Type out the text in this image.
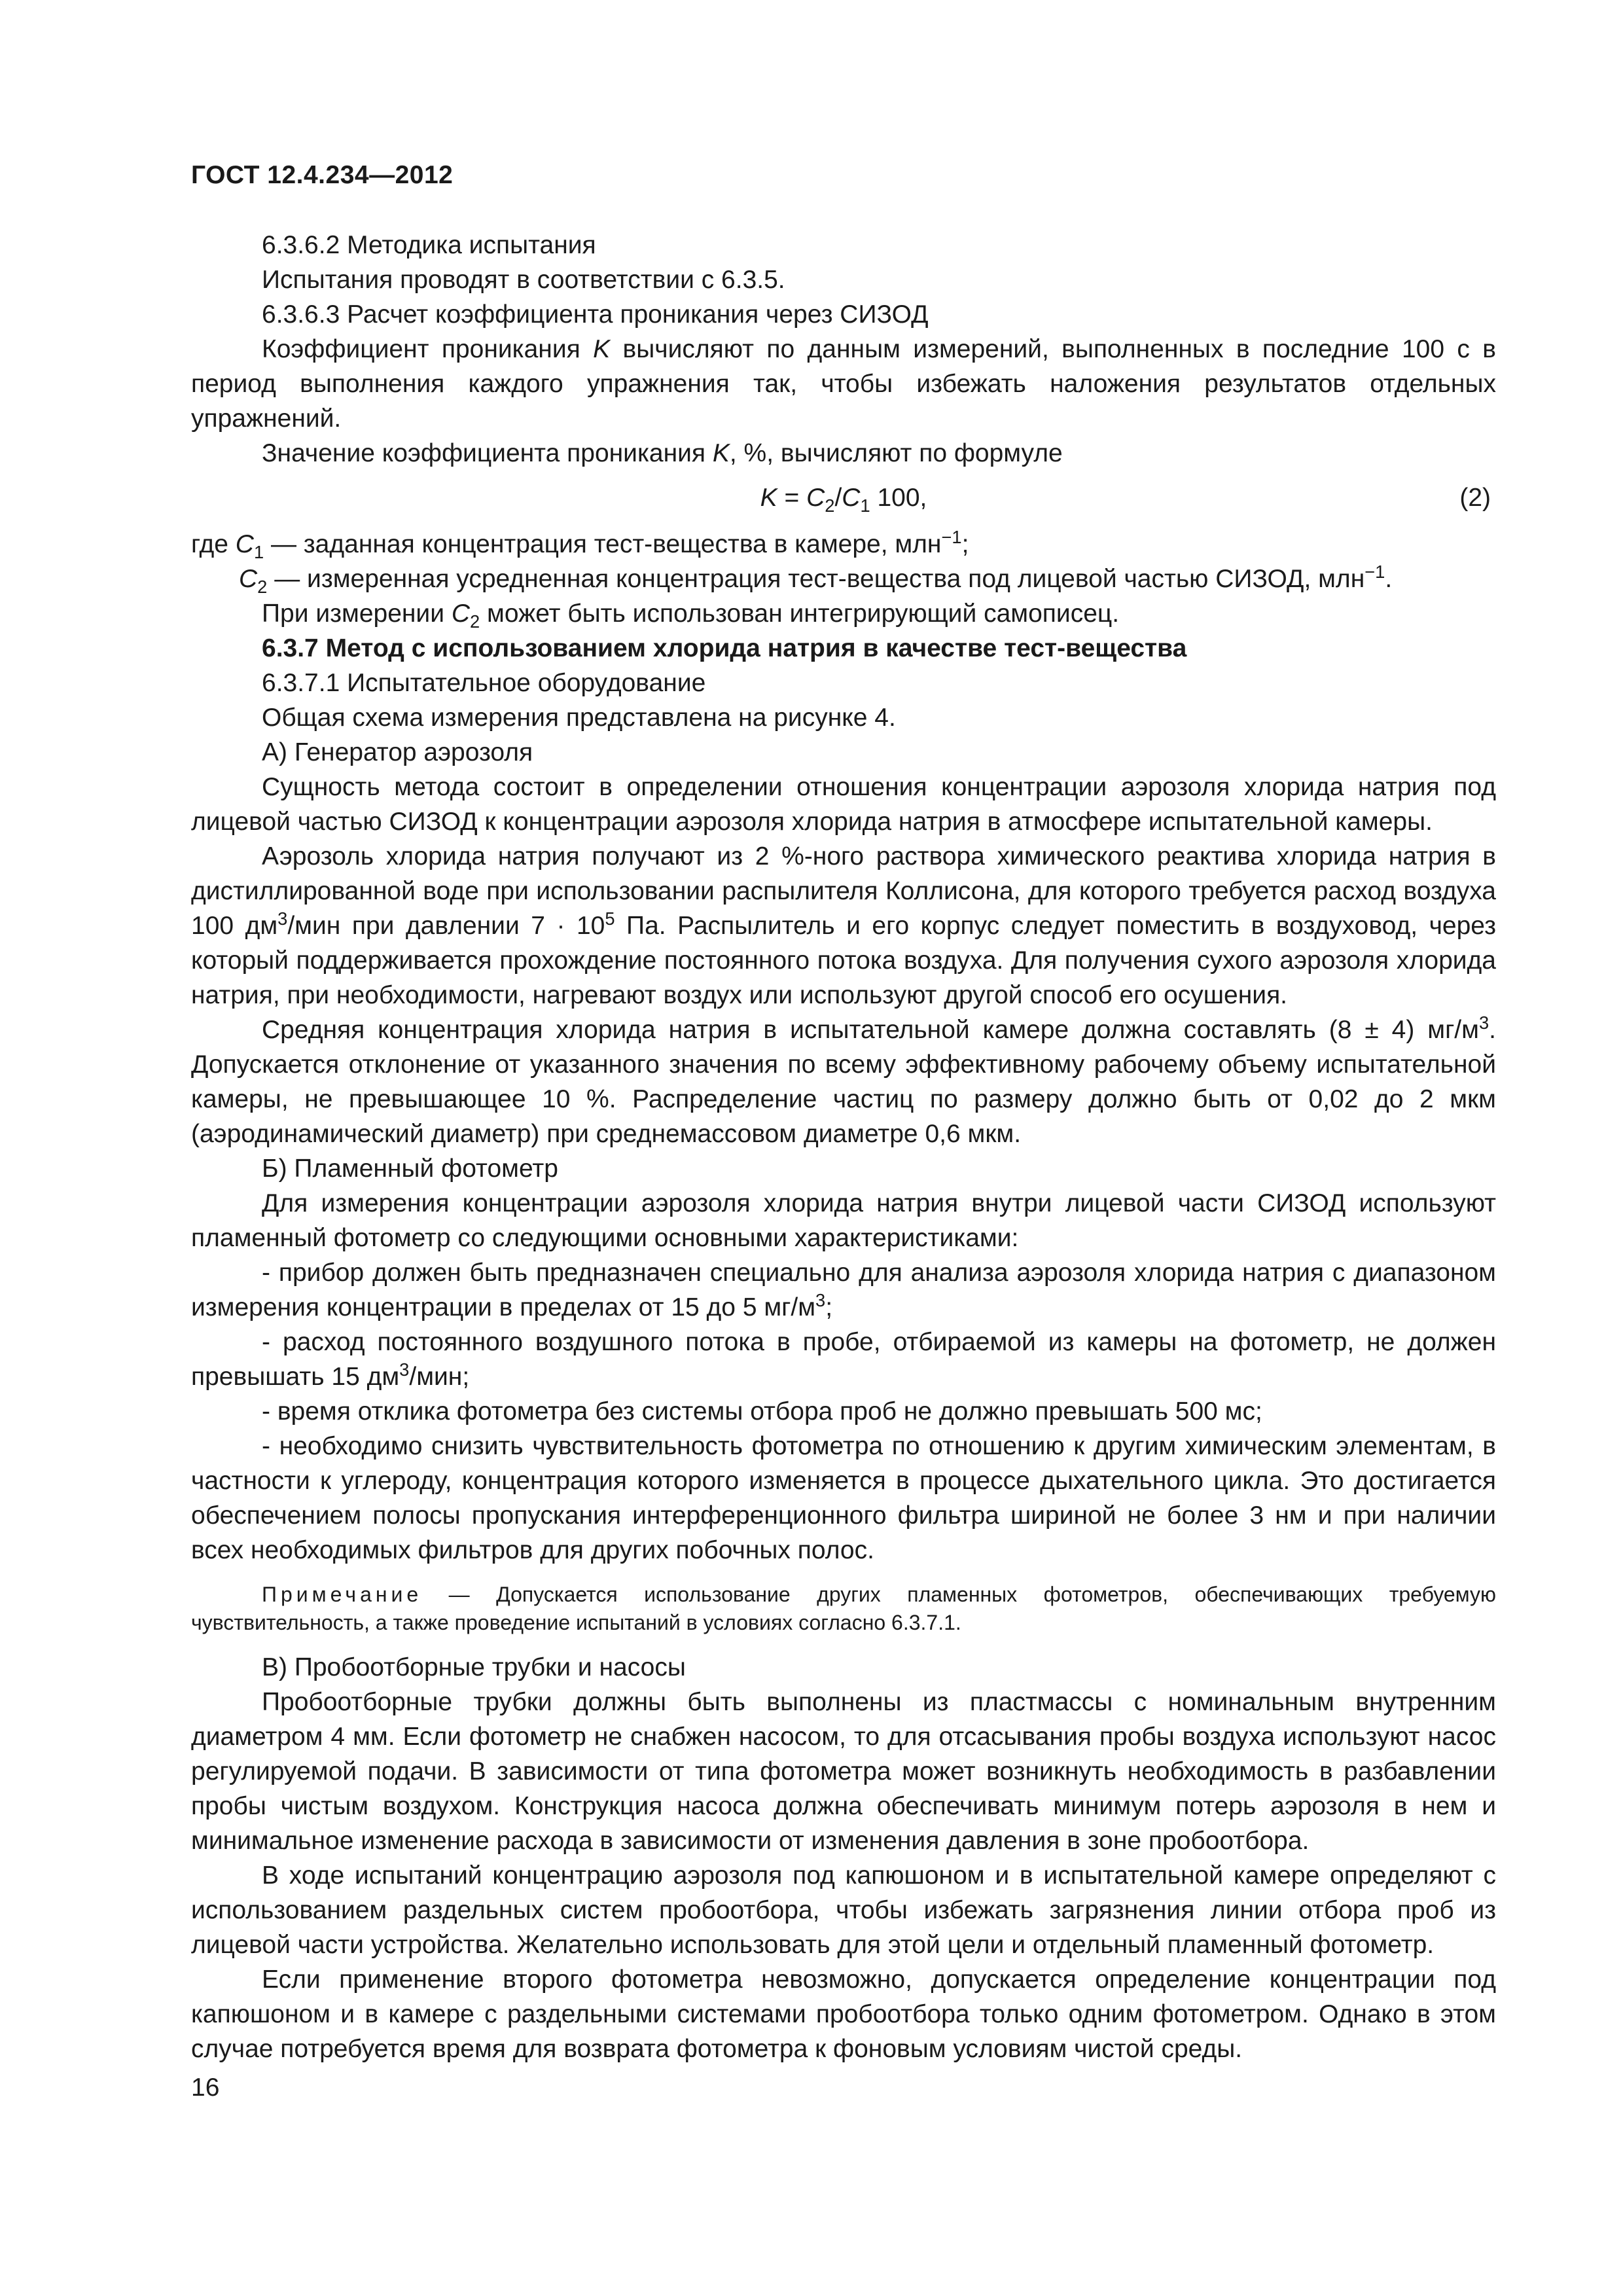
ГОСТ 12.4.234—2012

6.3.6.2 Методика испытания

Испытания проводят в соответствии с 6.3.5.

6.3.6.3 Расчет коэффициента проникания через СИЗОД

Коэффициент проникания K вычисляют по данным измерений, выполненных в последние 100 с в период выполнения каждого упражнения так, чтобы избежать наложения результатов отдельных упражнений.

Значение коэффициента проникания K, %, вычисляют по формуле

$K = C_2/C_1$ 100,	(2)

где $C_1$ — заданная концентрация тест-вещества в камере, млн$^{-1}$;

$C_2$ — измеренная усредненная концентрация тест-вещества под лицевой частью СИЗОД, млн$^{-1}$.

При измерении $C_2$ может быть использован интегрирующий самописец.

6.3.7 Метод с использованием хлорида натрия в качестве тест-вещества

6.3.7.1 Испытательное оборудование

Общая схема измерения представлена на рисунке 4.

А) Генератор аэрозоля

Сущность метода состоит в определении отношения концентрации аэрозоля хлорида натрия под лицевой частью СИЗОД к концентрации аэрозоля хлорида натрия в атмосфере испытательной камеры.

Аэрозоль хлорида натрия получают из 2 %-ного раствора химического реактива хлорида натрия в дистиллированной воде при использовании распылителя Коллисона, для которого требуется расход воздуха 100 $дм^3$/мин при давлении $7 \cdot 10^5$ Па. Распылитель и его корпус следует поместить в воздуховод, через который поддерживается прохождение постоянного потока воздуха. Для получения сухого аэрозоля хлорида натрия, при необходимости, нагревают воздух или используют другой способ его осушения.

Средняя концентрация хлорида натрия в испытательной камере должна составлять (8 ± 4) $мг/м^3$. Допускается отклонение от указанного значения по всему эффективному рабочему объему испытательной камеры, не превышающее 10 %. Распределение частиц по размеру должно быть от 0,02 до 2 мкм (аэродинамический диаметр) при среднемассовом диаметре 0,6 мкм.

Б) Пламенный фотометр

Для измерения концентрации аэрозоля хлорида натрия внутри лицевой части СИЗОД используют пламенный фотометр со следующими основными характеристиками:

- прибор должен быть предназначен специально для анализа аэрозоля хлорида натрия с диапазоном измерения концентрации в пределах от 15 до 5 $мг/м^3$;

- расход постоянного воздушного потока в пробе, отбираемой из камеры на фотометр, не должен превышать 15 $дм^3$/мин;

- время отклика фотометра без системы отбора проб не должно превышать 500 мс;

- необходимо снизить чувствительность фотометра по отношению к другим химическим элементам, в частности к углероду, концентрация которого изменяется в процессе дыхательного цикла. Это достигается обеспечением полосы пропускания интерференционного фильтра шириной не более 3 нм и при наличии всех необходимых фильтров для других побочных полос.

Примечание — Допускается использование других пламенных фотометров, обеспечивающих требуемую чувствительность, а также проведение испытаний в условиях согласно 6.3.7.1.

В) Пробоотборные трубки и насосы

Пробоотборные трубки должны быть выполнены из пластмассы с номинальным внутренним диаметром 4 мм. Если фотометр не снабжен насосом, то для отсасывания пробы воздуха используют насос регулируемой подачи. В зависимости от типа фотометра может возникнуть необходимость в разбавлении пробы чистым воздухом. Конструкция насоса должна обеспечивать минимум потерь аэрозоля в нем и минимальное изменение расхода в зависимости от изменения давления в зоне пробоотбора.

В ходе испытаний концентрацию аэрозоля под капюшоном и в испытательной камере определяют с использованием раздельных систем пробоотбора, чтобы избежать загрязнения линии отбора проб из лицевой части устройства. Желательно использовать для этой цели и отдельный пламенный фотометр.

Если применение второго фотометра невозможно, допускается определение концентрации под капюшоном и в камере с раздельными системами пробоотбора только одним фотометром. Однако в этом случае потребуется время для возврата фотометра к фоновым условиям чистой среды.

16
